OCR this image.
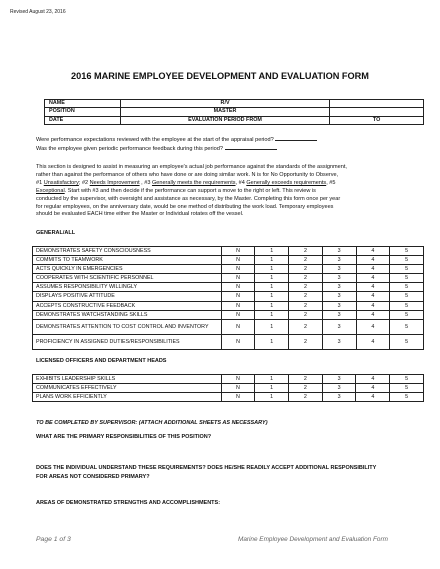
Revised August 23, 2016
2016 MARINE EMPLOYEE DEVELOPMENT AND EVALUATION FORM
NAME	R/V	
POSITION	MASTER	
DATE	EVALUATION PERIOD FROM	TO
Were performance expectations reviewed with the employee at the start of the appraisal period?
Was the employee given periodic performance feedback during this period?
This section is designed to assist in measuring an employee's actual job performance against the standards of the assignment,
rather than against the performance of others who have done or are doing similar work. N is for No Opportunity to Observe,
#1 Unsatisfactory; #2 Needs Improvement , #3 Generally meets the requirements, #4 Generally exceeds requirements, #5
Exceptional. Start with #3 and then decide if the performance can support a move to the right or left. This review is
conducted by the supervisor, with oversight and assistance as necessary, by the Master. Completing this form once per year
for regular employees, on the anniversary date, would be one method of distributing the work load. Temporary employees
should be evaluated EACH time either the Master or Individual rotates off the vessel.
GENERAL/ALL
DEMONSTRATES SAFETY CONSCIOUSNESS	N	1	2	3	4	5
COMMITS TO TEAMWORK	N	1	2	3	4	5
ACTS QUICKLY IN EMERGENCIES	N	1	2	3	4	5
COOPERATES WITH SCIENTIFIC PERSONNEL	N	1	2	3	4	5
ASSUMES RESPONSIBILITY WILLINGLY	N	1	2	3	4	5
DISPLAYS POSITIVE ATTITUDE	N	1	2	3	4	5
ACCEPTS CONSTRUCTIVE FEEDBACK	N	1	2	3	4	5
DEMONSTRATES WATCHSTANDING SKILLS	N	1	2	3	4	5
DEMONSTRATES ATTENTION TO COST CONTROL AND INVENTORY	N	1	2	3	4	5
PROFICIENCY IN ASSIGNED DUTIES/RESPONSIBILITIES	N	1	2	3	4	5
LICENSED OFFICERS AND DEPARTMENT HEADS
EXHIBITS LEADERSHIP SKILLS	N	1	2	3	4	5
COMMUNICATES EFFECTIVELY	N	1	2	3	4	5
PLANS WORK EFFICIENTLY	N	1	2	3	4	5
TO BE COMPLETED BY SUPERVISOR: (ATTACH ADDITIONAL SHEETS AS NECESSARY)
WHAT ARE THE PRIMARY RESPONSIBILITIES OF THIS POSITION?
DOES THE INDIVIDUAL UNDERSTAND THESE REQUIREMENTS? DOES HE/SHE READILY ACCEPT ADDITIONAL RESPONSIBILITY
FOR AREAS NOT CONSIDERED PRIMARY?
AREAS OF DEMONSTRATED STRENGTHS AND ACCOMPLISHMENTS:
Page 1 of 3	Marine Employee Development and Evaluation Form
